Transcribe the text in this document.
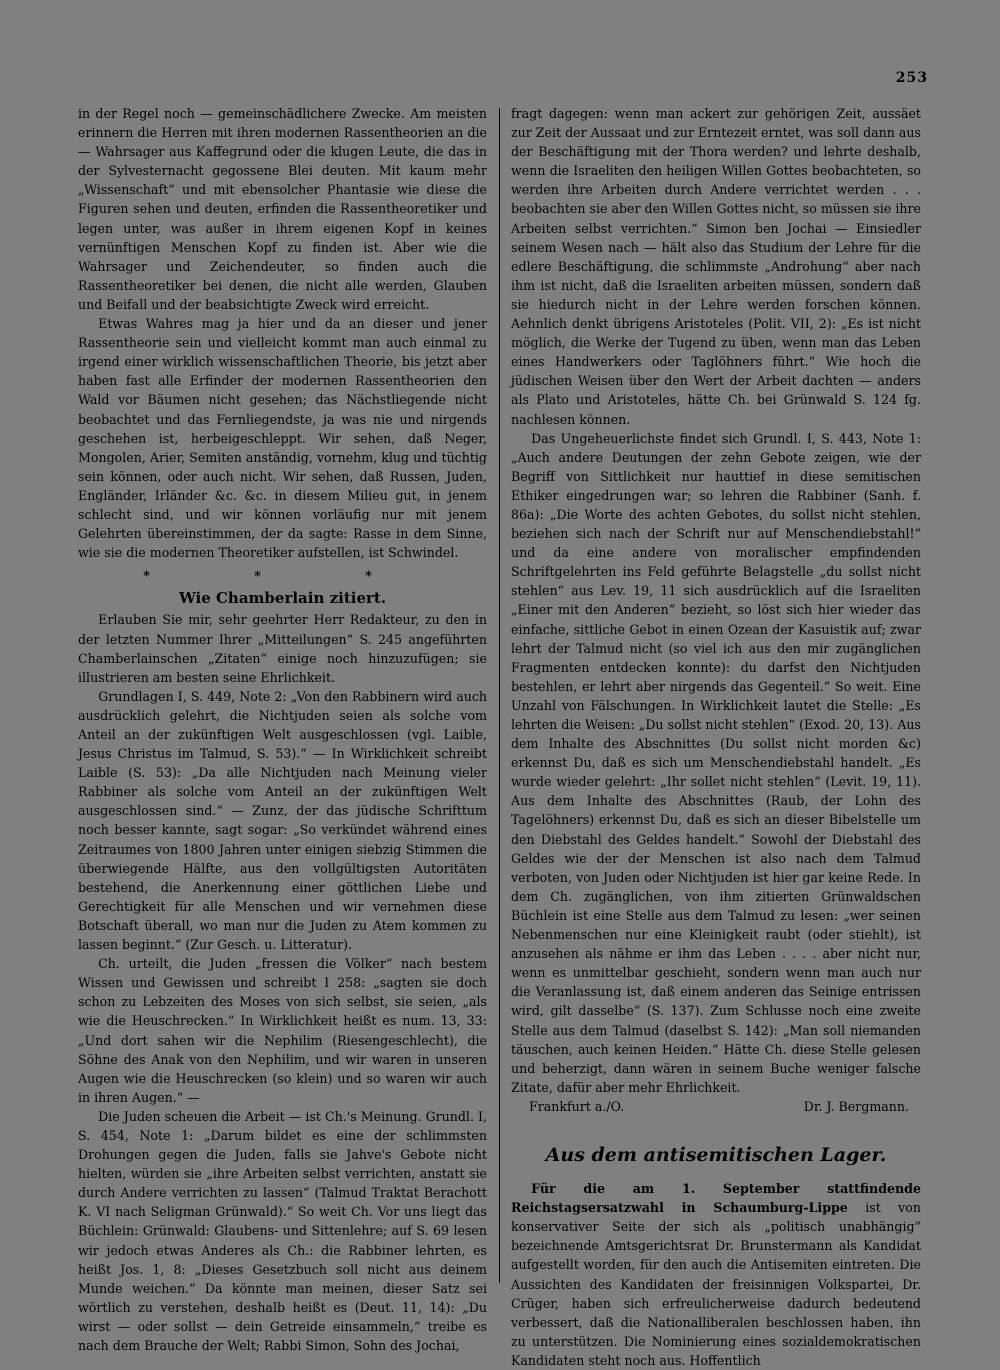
253

in der Regel noch — gemeinschädlichere Zwecke. Am meisten erinnern die Herren mit ihren modernen Rassentheorien an die — Wahrsager aus Kaffegrund oder die klugen Leute, die das in der Sylvesternacht gegossene Blei deuten. Mit kaum mehr „Wissenschaft“ und mit ebensolcher Phantasie wie diese die Figuren sehen und deuten, erfinden die Rassentheoretiker und legen unter, was außer in ihrem eigenen Kopf in keines vernünftigen Menschen Kopf zu finden ist. Aber wie die Wahrsager und Zeichendeuter, so finden auch die Rassentheoretiker bei denen, die nicht alle werden, Glauben und Beifall und der beabsichtigte Zweck wird erreicht.

Etwas Wahres mag ja hier und da an dieser und jener Rassentheorie sein und vielleicht kommt man auch einmal zu irgend einer wirklich wissenschaftlichen Theorie, bis jetzt aber haben fast alle Erfinder der modernen Rassentheorien den Wald vor Bäumen nicht gesehen; das Nächstliegende nicht beobachtet und das Fernliegendste, ja was nie und nirgends geschehen ist, herbeigeschleppt. Wir sehen, daß Neger, Mongolen, Arier, Semiten anständig, vornehm, klug und tüchtig sein können, oder auch nicht. Wir sehen, daß Russen, Juden, Engländer, Irländer &c. &c. in diesem Milieu gut, in jenem schlecht sind, und wir können vorläufig nur mit jenem Gelehrten übereinstimmen, der da sagte: Rasse in dem Sinne, wie sie die modernen Theoretiker aufstellen, ist Schwindel.

* * *
Wie Chamberlain zitiert.

Erlauben Sie mir, sehr geehrter Herr Redakteur, zu den in der letzten Nummer Ihrer „Mitteilungen“ S. 245 angeführten Chamberlainschen „Zitaten“ einige noch hinzuzufügen; sie illustrieren am besten seine Ehrlichkeit.

Grundlagen I, S. 449, Note 2: „Von den Rabbinern wird auch ausdrücklich gelehrt, die Nichtjuden seien als solche vom Anteil an der zukünftigen Welt ausgeschlossen (vgl. Laible, Jesus Christus im Talmud, S. 53).“ — In Wirklichkeit schreibt Laible (S. 53): „Da alle Nichtjuden nach Meinung vieler Rabbiner als solche vom Anteil an der zukünftigen Welt ausgeschlossen sind.“ — Zunz, der das jüdische Schrifttum noch besser kannte, sagt sogar: „So verkündet während eines Zeitraumes von 1800 Jahren unter einigen siebzig Stimmen die überwiegende Hälfte, aus den vollgültigsten Autoritäten bestehend, die Anerkennung einer göttlichen Liebe und Gerechtigkeit für alle Menschen und wir vernehmen diese Botschaft überall, wo man nur die Juden zu Atem kommen zu lassen beginnt.“ (Zur Gesch. u. Litteratur).

Ch. urteilt, die Juden „fressen die Völker“ nach bestem Wissen und Gewissen und schreibt I 258: „sagten sie doch schon zu Lebzeiten des Moses von sich selbst, sie seien, „als wie die Heuschrecken.“ In Wirklichkeit heißt es num. 13, 33: „Und dort sahen wir die Nephilim (Riesengeschlecht), die Söhne des Anak von den Nephilim, und wir waren in unseren Augen wie die Heuschrecken (so klein) und so waren wir auch in ihren Augen.“ —

Die Juden scheuen die Arbeit — ist Ch.'s Meinung. Grundl. I, S. 454, Note 1: „Darum bildet es eine der schlimmsten Drohungen gegen die Juden, falls sie Jahve's Gebote nicht hielten, würden sie „ihre Arbeiten selbst verrichten, anstatt sie durch Andere verrichten zu lassen“ (Talmud Traktat Berachott K. VI nach Seligman Grünwald).“ So weit Ch. Vor uns liegt das Büchlein: Grünwald: Glaubens- und Sittenlehre; auf S. 69 lesen wir jedoch etwas Anderes als Ch.: die Rabbiner lehrten, es heißt Jos. 1, 8: „Dieses Gesetzbuch soll nicht aus deinem Munde weichen.“ Da könnte man meinen, dieser Satz sei wörtlich zu verstehen, deshalb heißt es (Deut. 11, 14): „Du wirst — oder sollst — dein Getreide einsammeln,“ treibe es nach dem Brauche der Welt; Rabbi Simon, Sohn des Jochai,

fragt dagegen: wenn man ackert zur gehörigen Zeit, aussäet zur Zeit der Aussaat und zur Erntezeit erntet, was soll dann aus der Beschäftigung mit der Thora werden? und lehrte deshalb, wenn die Israeliten den heiligen Willen Gottes beobachteten, so werden ihre Arbeiten durch Andere verrichtet werden . . . beobachten sie aber den Willen Gottes nicht, so müssen sie ihre Arbeiten selbst verrichten.“ Simon ben Jochai — Einsiedler seinem Wesen nach — hält also das Studium der Lehre für die edlere Beschäftigung, die schlimmste „Androhung“ aber nach ihm ist nicht, daß die Israeliten arbeiten müssen, sondern daß sie hiedurch nicht in der Lehre werden forschen können. Aehnlich denkt übrigens Aristoteles (Polit. VII, 2): „Es ist nicht möglich, die Werke der Tugend zu üben, wenn man das Leben eines Handwerkers oder Taglöhners führt.“ Wie hoch die jüdischen Weisen über den Wert der Arbeit dachten — anders als Plato und Aristoteles, hätte Ch. bei Grünwald S. 124 fg. nachlesen können.

Das Ungeheuerlichste findet sich Grundl. I, S. 443, Note 1: „Auch andere Deutungen der zehn Gebote zeigen, wie der Begriff von Sittlichkeit nur hauttief in diese semitischen Ethiker eingedrungen war; so lehren die Rabbiner (Sanh. f. 86a): „Die Worte des achten Gebotes, du sollst nicht stehlen, beziehen sich nach der Schrift nur auf Menschendiebstahl!“ und da eine andere von moralischer empfindenden Schriftgelehrten ins Feld geführte Belagstelle „du sollst nicht stehlen“ aus Lev. 19, 11 sich ausdrücklich auf die Israeliten „Einer mit den Anderen“ bezieht, so löst sich hier wieder das einfache, sittliche Gebot in einen Ozean der Kasuistik auf; zwar lehrt der Talmud nicht (so viel ich aus den mir zugänglichen Fragmenten entdecken konnte): du darfst den Nichtjuden bestehlen, er lehrt aber nirgends das Gegenteil.“ So weit. Eine Unzahl von Fälschungen. In Wirklichkeit lautet die Stelle: „Es lehrten die Weisen: „Du sollst nicht stehlen“ (Exod. 20, 13). Aus dem Inhalte des Abschnittes (Du sollst nicht morden &c) erkennst Du, daß es sich um Menschendiebstahl handelt. „Es wurde wieder gelehrt: „Ihr sollet nicht stehlen“ (Levit. 19, 11). Aus dem Inhalte des Abschnittes (Raub, der Lohn des Tagelöhners) erkennst Du, daß es sich an dieser Bibelstelle um den Diebstahl des Geldes handelt.“ Sowohl der Diebstahl des Geldes wie der der Menschen ist also nach dem Talmud verboten, von Juden oder Nichtjuden ist hier gar keine Rede. In dem Ch. zugänglichen, von ihm zitierten Grünwaldschen Büchlein ist eine Stelle aus dem Talmud zu lesen: „wer seinen Nebenmenschen nur eine Kleinigkeit raubt (oder stiehlt), ist anzusehen als nähme er ihm das Leben . . . . aber nicht nur, wenn es unmittelbar geschieht, sondern wenn man auch nur die Veranlassung ist, daß einem anderen das Seinige entrissen wird, gilt dasselbe“ (S. 137). Zum Schlusse noch eine zweite Stelle aus dem Talmud (daselbst S. 142): „Man soll niemanden täuschen, auch keinen Heiden.“ Hätte Ch. diese Stelle gelesen und beherzigt, dann wären in seinem Buche weniger falsche Zitate, dafür aber mehr Ehrlichkeit.

Frankfurt a./O.	Dr. J. Bergmann.
Aus dem antisemitischen Lager.

Für die am 1. September stattfindende Reichstagsersatzwahl in Schaumburg-Lippe ist von konservativer Seite der sich als „politisch unabhängig“ bezeichnende Amtsgerichtsrat Dr. Brunstermann als Kandidat aufgestellt worden, für den auch die Antisemiten eintreten. Die Aussichten des Kandidaten der freisinnigen Volkspartei, Dr. Crüger, haben sich erfreulicherweise dadurch bedeutend verbessert, daß die Nationalliberalen beschlossen haben, ihn zu unterstützen. Die Nominierung eines sozialdemokratischen Kandidaten steht noch aus. Hoffentlich
